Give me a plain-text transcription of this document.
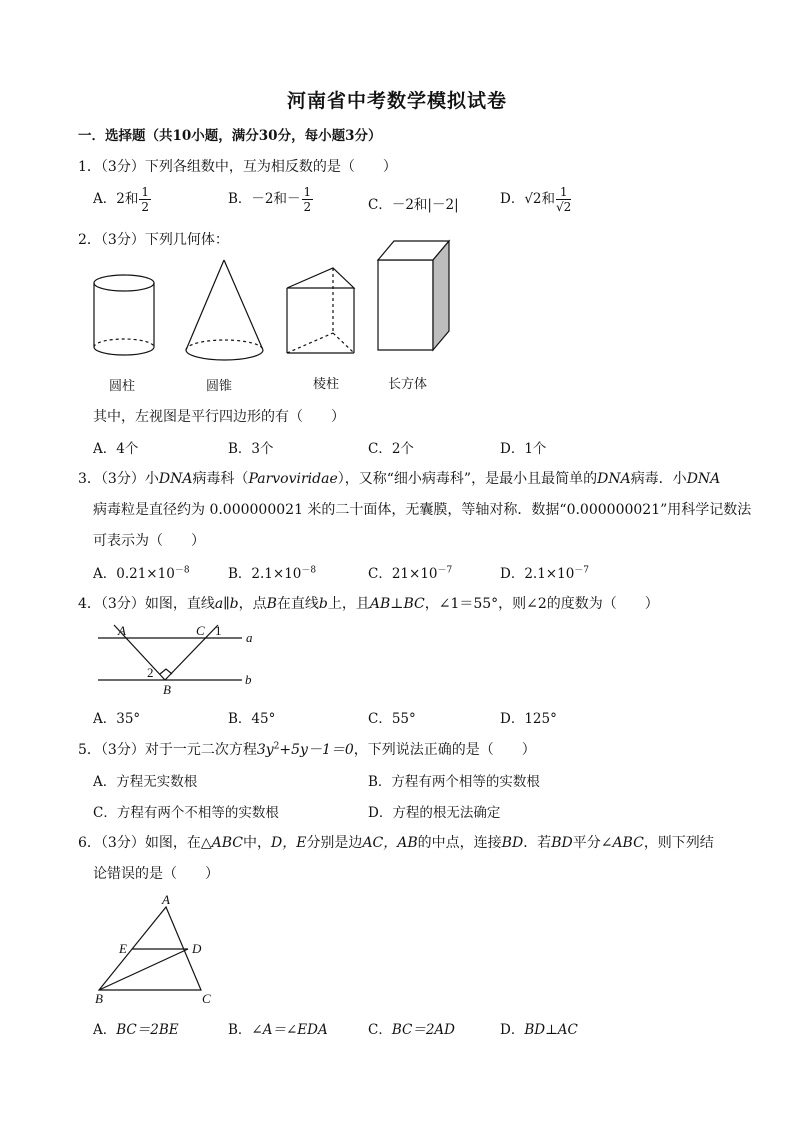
河南省中考数学模拟试卷
一．选择题（共10小题，满分30分，每小题3分）
1．（3分）下列各组数中，互为相反数的是（　　）
A．2和 $\frac{1}{2}$	B．－2和－ $\frac{1}{2}$	C．－2和|－2|	D．√2和 $\frac{1}{√2}$
2．（3分）下列几何体：
A	C 1 a
2
B
b
A
E	D
B	C
圆柱	圆锥	棱柱	长方体
其中，左视图是平行四边形的有（　　）
A．4个	B．3个	C．2个	D．1个
3．（3分）小DNA病毒科（Parvoviridae），又称“细小病毒科”，是最小且最简单的DNA病毒．小DNA
病毒粒是直径约为 0.000000021 米的二十面体，无囊膜，等轴对称．数据“0.000000021”用科学记数法
可表示为（　　）
A．$0.21\times 10^{-8}$	B．$2.1\times 10^{-8}$	C．$21\times 10^{-7}$	D．$2.1\times 10^{-7}$
4．（3分）如图，直线a∥b，点B在直线b上，且AB⊥BC，∠1＝55°，则∠2的度数为（　　）
A．35°	B．45°	C．55°	D．125°
5．（3分）对于一元二次方程$3y^2+5y-1=0$，下列说法正确的是（　　）
A．方程无实数根	B．方程有两个相等的实数根
C．方程有两个不相等的实数根	D．方程的根无法确定
6．（3分）如图，在△ABC中，D，E分别是边AC，AB的中点，连接BD．若BD平分∠ABC，则下列结
论错误的是（　　）
A．BC＝2BE	B．∠A＝∠EDA	C．BC＝2AD	D．BD⊥AC
